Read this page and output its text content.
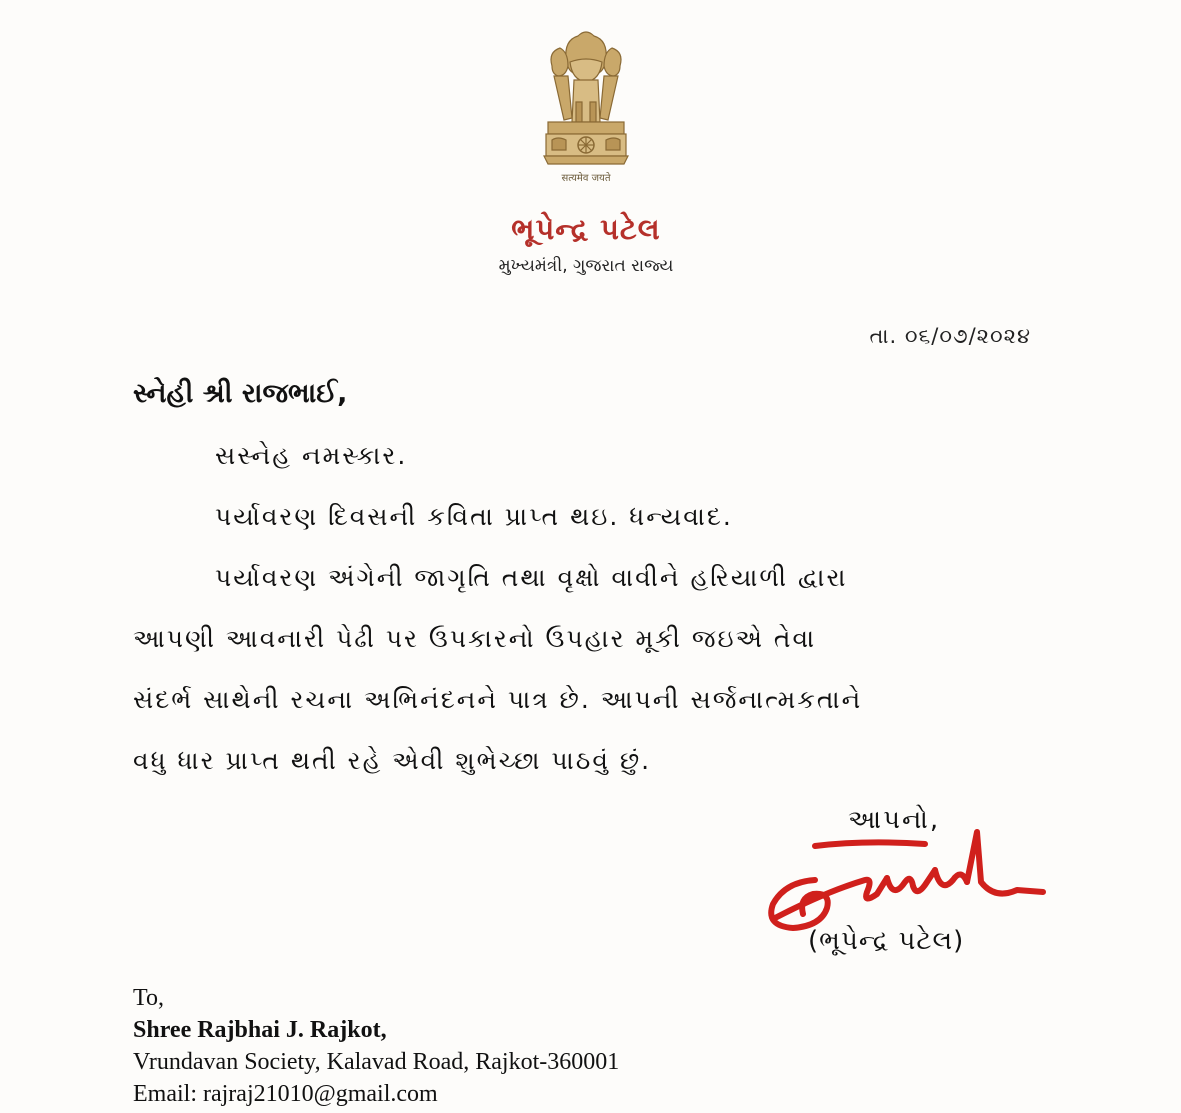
सत्यमेव जयते
ભૂપેન્દ્ર પટેલ
મુખ્યમંત્રી, ગુજરાત રાજ્ય
તા. ૦૬/૦૭/૨૦૨૪
સ્નેહી શ્રી રાજભાઈ,
સસ્નેહ નમસ્કાર.
પર્યાવરણ દિવસની કવિતા પ્રાપ્ત થઇ. ધન્યવાદ.
પર્યાવરણ અંગેની જાગૃતિ તથા વૃક્ષો વાવીને હરિયાળી દ્વારા
આપણી આવનારી પેઢી પર ઉપકારનો ઉપહાર મૂકી જઇએ તેવા
સંદર્ભ સાથેની રચના અભિનંદનને પાત્ર છે. આપની સર્જનાત્મકતાને
વધુ ધાર પ્રાપ્ત થતી રહે એવી શુભેચ્છા પાઠવું છું.
આપનો,
(ભૂપેન્દ્ર પટેલ)
To,
Shree Rajbhai J. Rajkot,
Vrundavan Society, Kalavad Road, Rajkot-360001
Email: rajraj21010@gmail.com
